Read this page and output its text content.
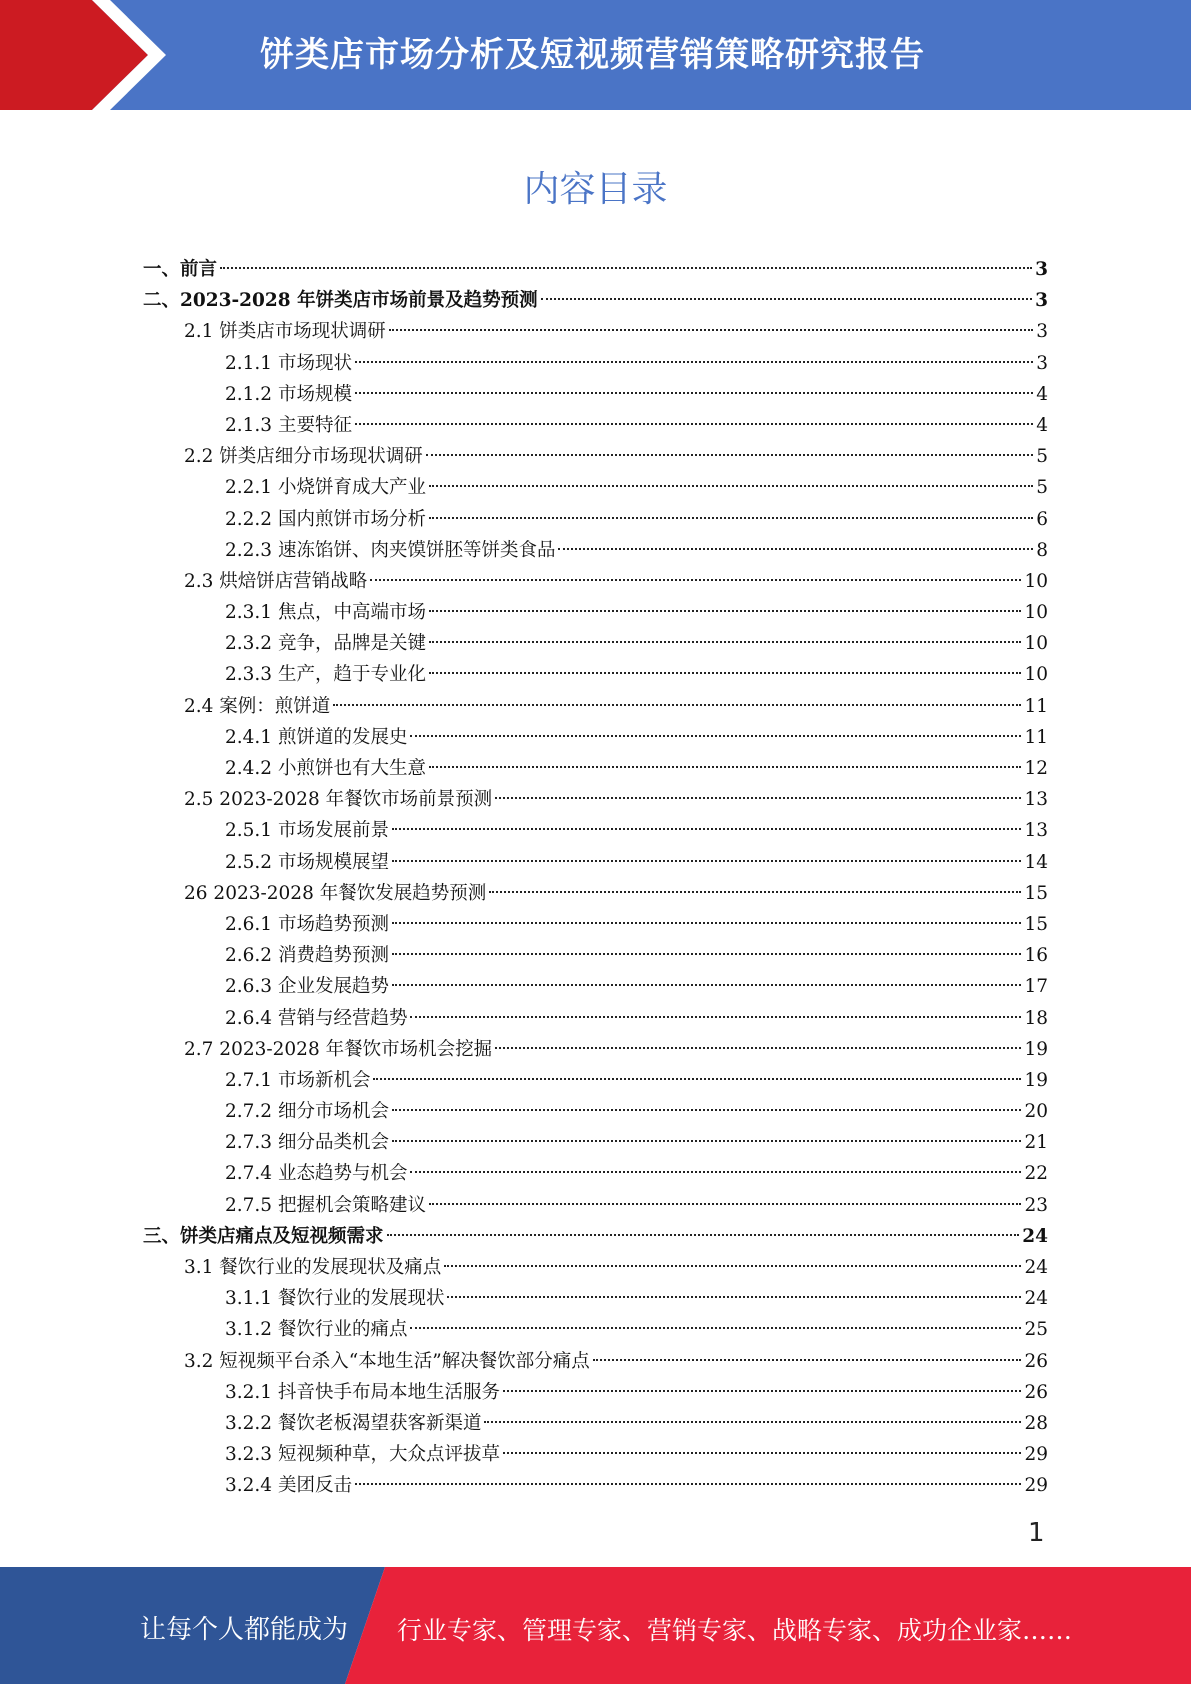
饼类店市场分析及短视频营销策略研究报告
内容目录
一、前言	3
二、2023-2028 年饼类店市场前景及趋势预测	3
2.1 饼类店市场现状调研	3
2.1.1 市场现状	3
2.1.2 市场规模	4
2.1.3 主要特征	4
2.2 饼类店细分市场现状调研	5
2.2.1 小烧饼育成大产业	5
2.2.2 国内煎饼市场分析	6
2.2.3 速冻馅饼、肉夹馍饼胚等饼类食品	8
2.3 烘焙饼店营销战略	10
2.3.1 焦点，中高端市场	10
2.3.2 竞争，品牌是关键	10
2.3.3 生产，趋于专业化	10
2.4 案例：煎饼道	11
2.4.1 煎饼道的发展史	11
2.4.2 小煎饼也有大生意	12
2.5 2023-2028 年餐饮市场前景预测	13
2.5.1 市场发展前景	13
2.5.2 市场规模展望	14
26 2023-2028 年餐饮发展趋势预测	15
2.6.1 市场趋势预测	15
2.6.2 消费趋势预测	16
2.6.3 企业发展趋势	17
2.6.4 营销与经营趋势	18
2.7 2023-2028 年餐饮市场机会挖掘	19
2.7.1 市场新机会	19
2.7.2 细分市场机会	20
2.7.3 细分品类机会	21
2.7.4 业态趋势与机会	22
2.7.5 把握机会策略建议	23
三、饼类店痛点及短视频需求	24
3.1 餐饮行业的发展现状及痛点	24
3.1.1 餐饮行业的发展现状	24
3.1.2 餐饮行业的痛点	25
3.2 短视频平台杀入“本地生活”解决餐饮部分痛点	26
3.2.1 抖音快手布局本地生活服务	26
3.2.2 餐饮老板渴望获客新渠道	28
3.2.3 短视频种草，大众点评拔草	29
3.2.4 美团反击	29
1
让每个人都能成为 行业专家、管理专家、营销专家、战略专家、成功企业家……
